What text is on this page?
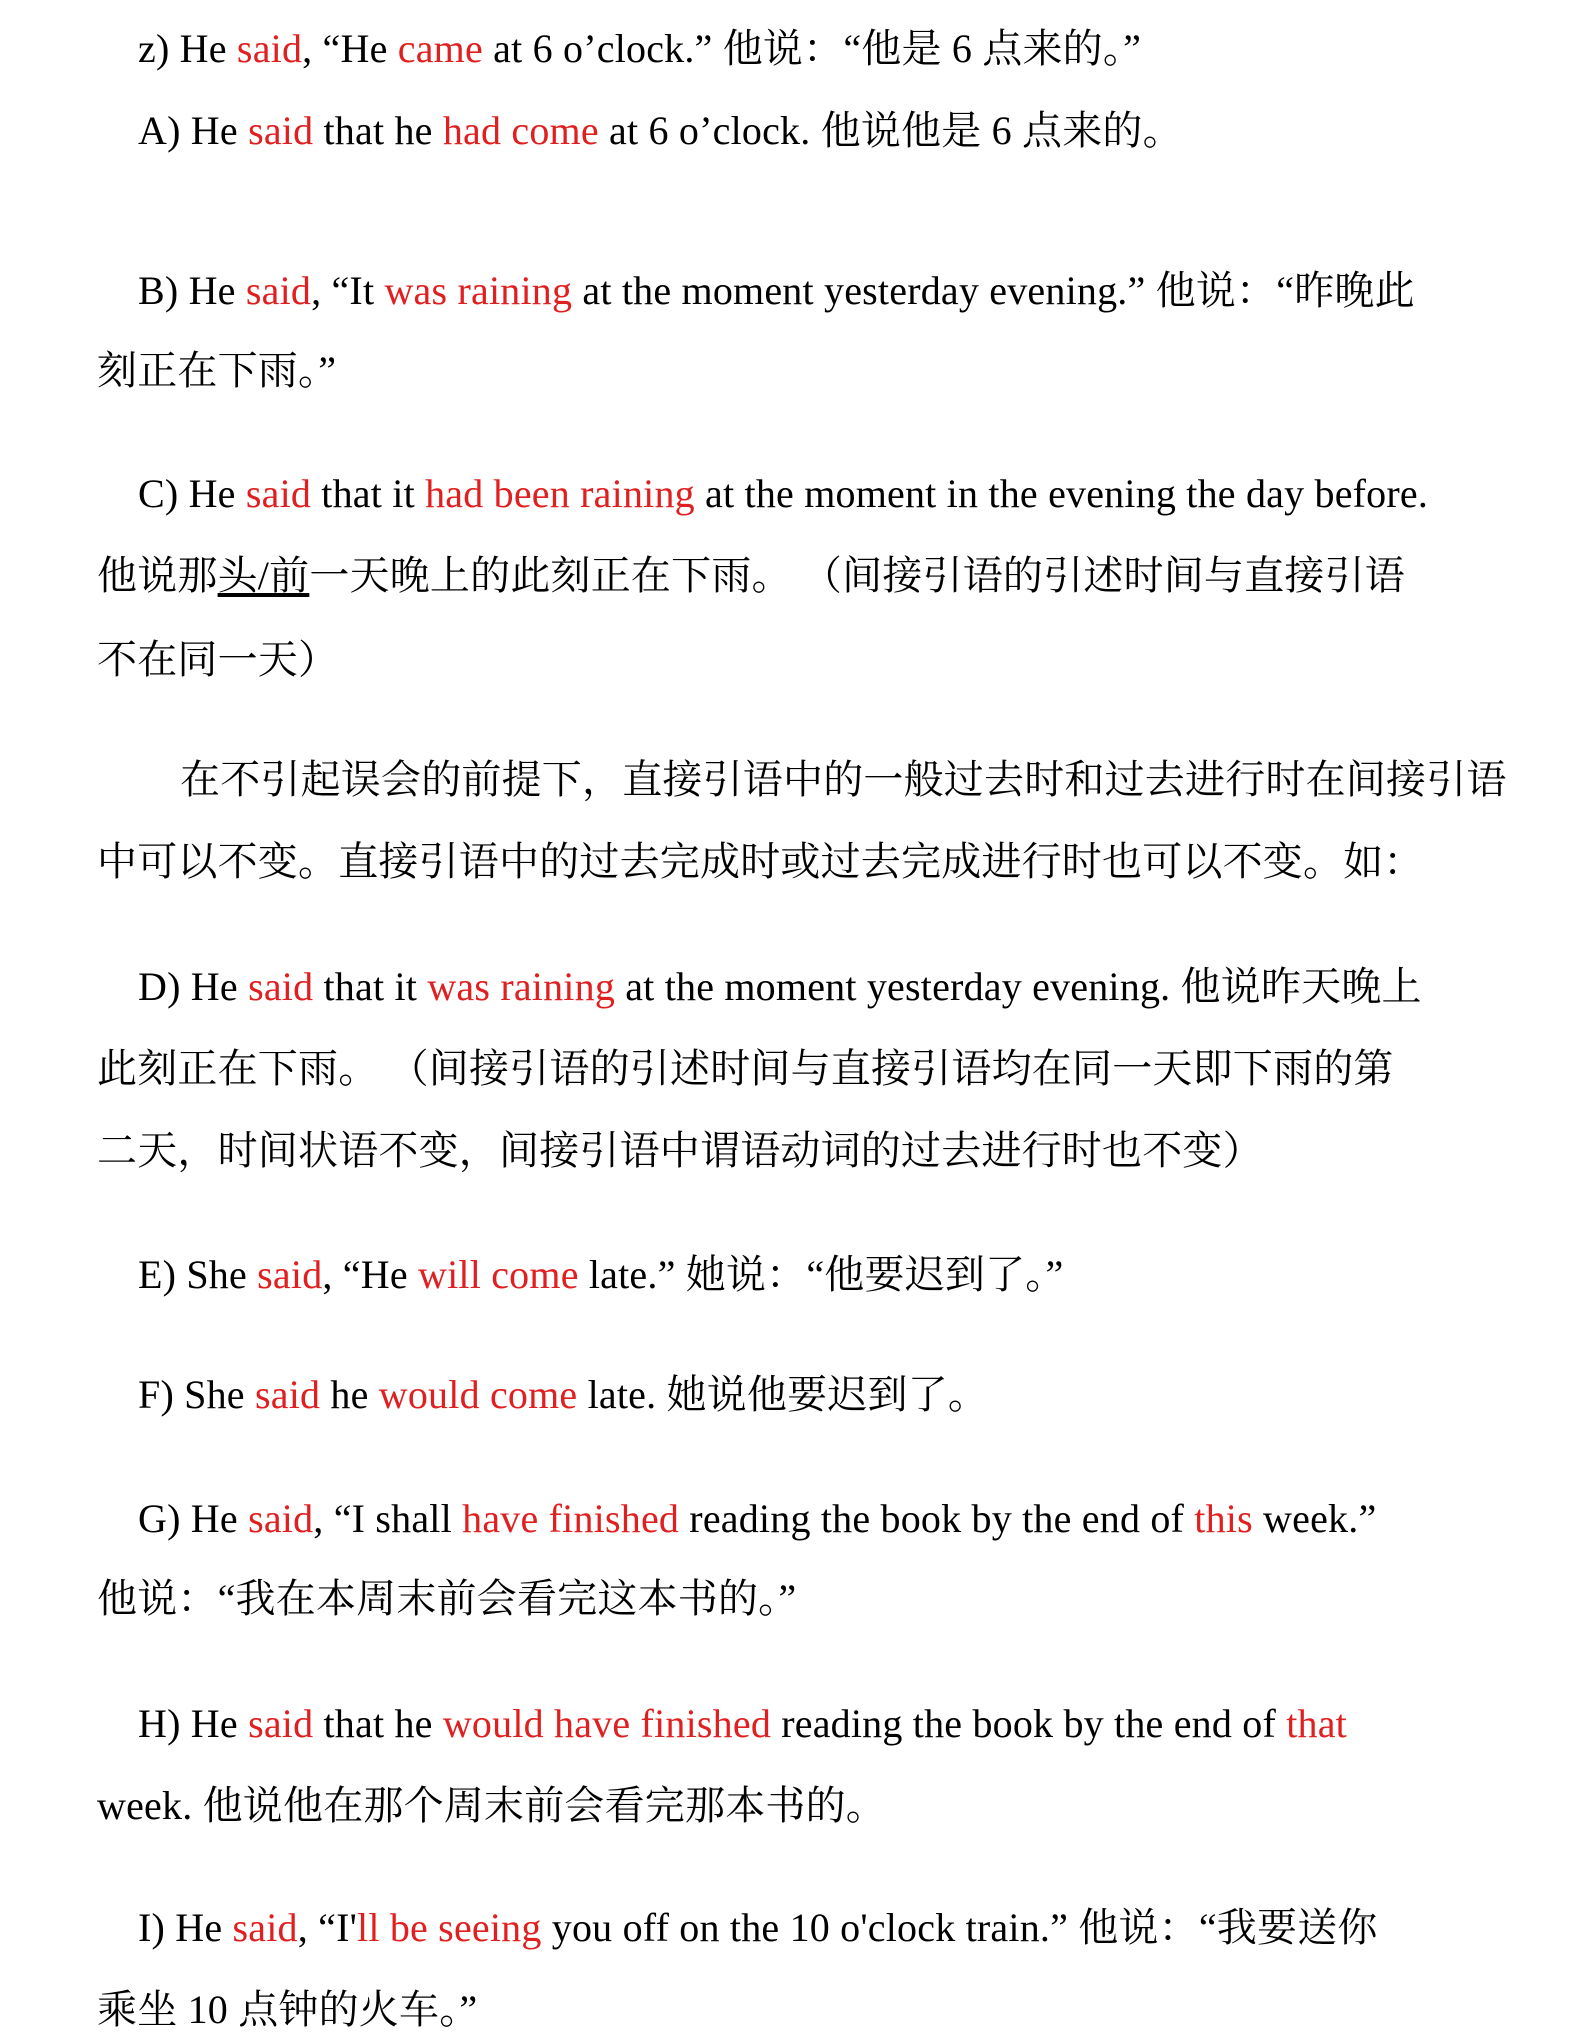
z) He said, “He came at 6 o’clock.” 他说：“他是 6 点来的。”
A) He said that he had come at 6 o’clock. 他说他是 6 点来的。
B) He said, “It was raining at the moment yesterday evening.” 他说：“昨晚此
刻正在下雨。”
C) He said that it had been raining at the moment in the evening the day before.
他说那头/前一天晚上的此刻正在下雨。 （间接引语的引述时间与直接引语
不在同一天）
在不引起误会的前提下，直接引语中的一般过去时和过去进行时在间接引语
中可以不变。直接引语中的过去完成时或过去完成进行时也可以不变。如：
D) He said that it was raining at the moment yesterday evening. 他说昨天晚上
此刻正在下雨。 （间接引语的引述时间与直接引语均在同一天即下雨的第
二天，时间状语不变，间接引语中谓语动词的过去进行时也不变）
E) She said, “He will come late.” 她说：“他要迟到了。”
F) She said he would come late. 她说他要迟到了。
G) He said, “I shall have finished reading the book by the end of this week.”
他说：“我在本周末前会看完这本书的。”
H) He said that he would have finished reading the book by the end of that
week. 他说他在那个周末前会看完那本书的。
I) He said, “I'll be seeing you off on the 10 o'clock train.” 他说：“我要送你
乘坐 10 点钟的火车。”
